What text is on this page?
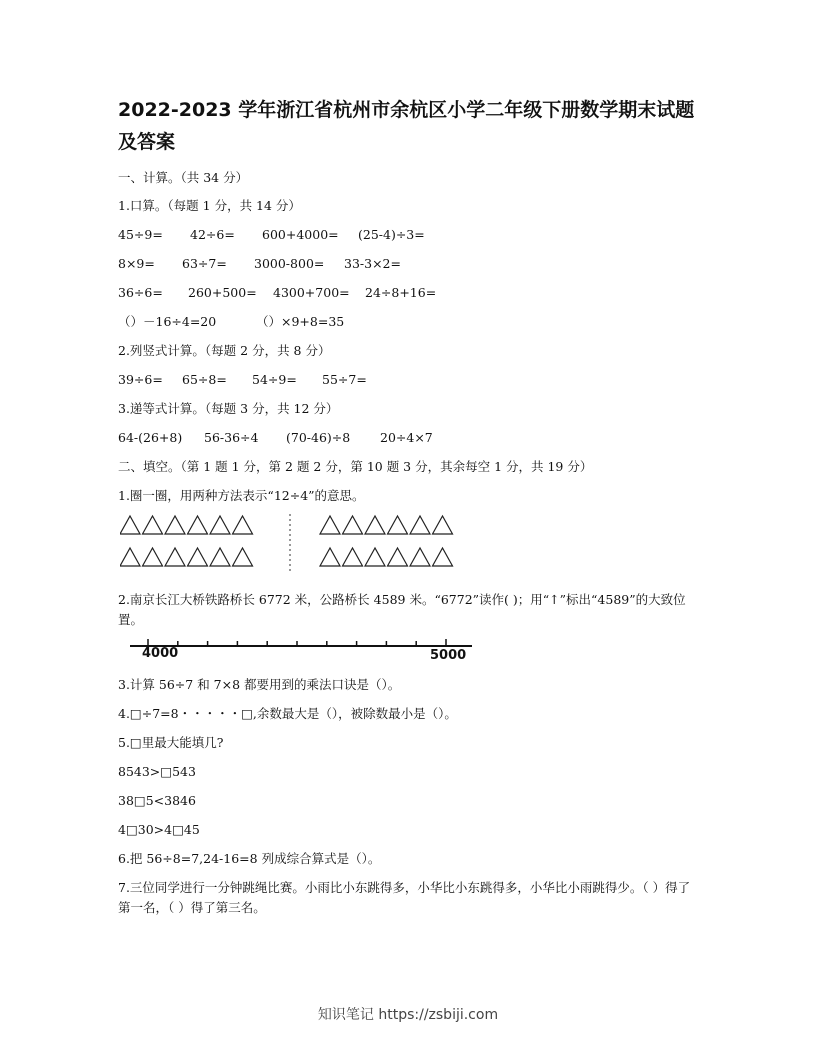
2022-2023 学年浙江省杭州市余杭区小学二年级下册数学期末试题及答案
一、计算。（共 34 分）
1.口算。（每题 1 分，共 14 分）
45÷9= 42÷6= 600+4000= (25-4)÷3=
8×9= 63÷7= 3000-800= 33-3×2=
36÷6= 260+500= 4300+700= 24÷8+16=
（）－16÷4=20	（）×9+8=35
2.列竖式计算。（每题 2 分，共 8 分）
39÷6= 65÷8= 54÷9= 55÷7=
3.递等式计算。（每题 3 分，共 12 分）
64-(26+8) 56-36÷4 (70-46)÷8 20÷4×7
二、填空。（第 1 题 1 分，第 2 题 2 分，第 10 题 3 分，其余每空 1 分，共 19 分）
1.圈一圈，用两种方法表示“12÷4”的意思。
2.南京长江大桥铁路桥长 6772 米，公路桥长 4589 米。“6772”读作( )；用“↑”标出“4589”的大致位置。
4000	5000
3.计算 56÷7 和 7×8 都要用到的乘法口诀是（）。
4.□÷7=8・・・・・□,余数最大是（），被除数最小是（）。
5.□里最大能填几?
8543>□543
38□5<3846
4□30>4□45
6.把 56÷8=7,24-16=8 列成综合算式是（）。
7.三位同学进行一分钟跳绳比赛。小雨比小东跳得多，小华比小东跳得多，小华比小雨跳得少。（ ）得了第一名，（ ）得了第三名。
知识笔记 https://zsbiji.com
